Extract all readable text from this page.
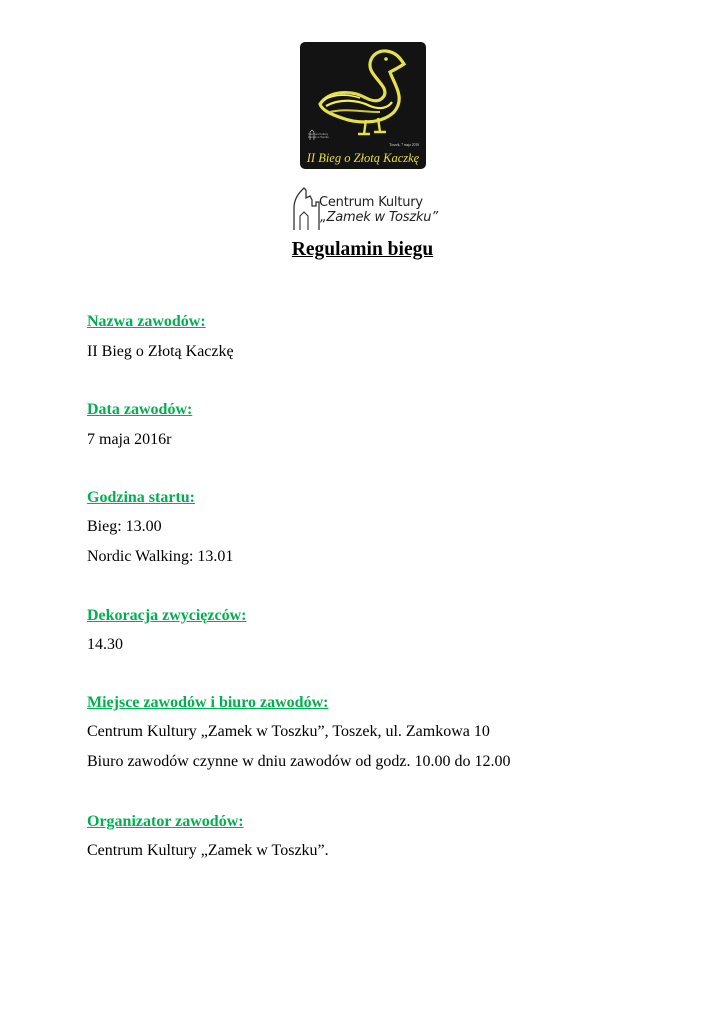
Centrum Kultury Zamek w Toszku
Toszek, 7 maja 2016
II Bieg o Złotą Kaczkę
Centrum Kultury
„Zamek w Toszku”
Regulamin biegu
Nazwa zawodów:
II Bieg o Złotą Kaczkę
Data zawodów:
7 maja 2016r
Godzina startu:
Bieg: 13.00
Nordic Walking: 13.01
Dekoracja zwycięzców:
14.30
Miejsce zawodów i biuro zawodów:
Centrum Kultury „Zamek w Toszku”, Toszek, ul. Zamkowa 10
Biuro zawodów czynne w dniu zawodów od godz. 10.00 do 12.00
Organizator zawodów:
Centrum Kultury „Zamek w Toszku”.
